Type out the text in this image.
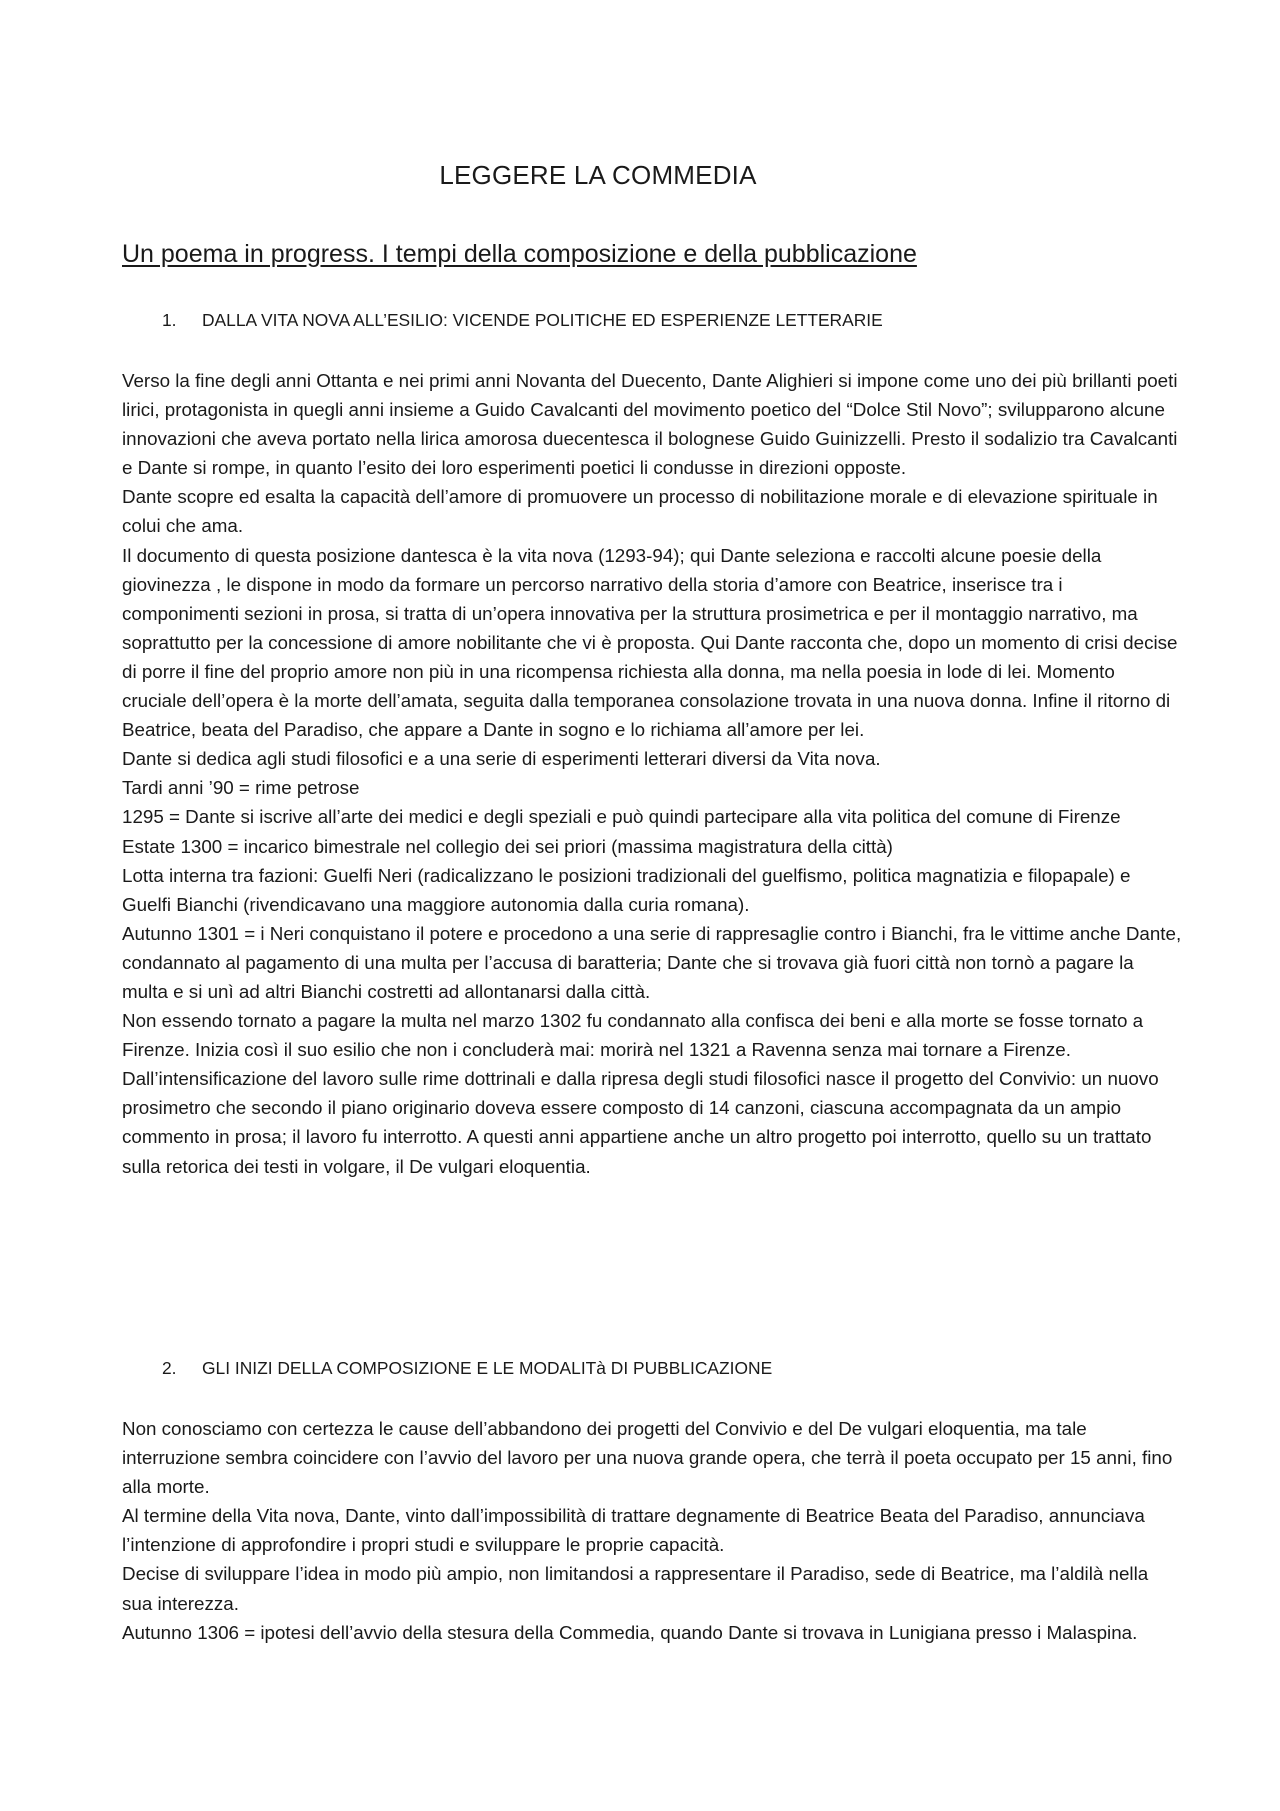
LEGGERE LA COMMEDIA
Un poema in progress. I tempi della composizione e della pubblicazione
1. DALLA VITA NOVA ALL’ESILIO: VICENDE POLITICHE ED ESPERIENZE LETTERARIE

Verso la fine degli anni Ottanta e nei primi anni Novanta del Duecento, Dante Alighieri si impone come uno dei più brillanti poeti lirici, protagonista in quegli anni insieme a Guido Cavalcanti del movimento poetico del “Dolce Stil Novo”; svilupparono alcune innovazioni che aveva portato nella lirica amorosa duecentesca il bolognese Guido Guinizzelli. Presto il sodalizio tra Cavalcanti e Dante si rompe, in quanto l’esito dei loro esperimenti poetici li condusse in direzioni opposte.

Dante scopre ed esalta la capacità dell’amore di promuovere un processo di nobilitazione morale e di elevazione spirituale in colui che ama.

Il documento di questa posizione dantesca è la vita nova (1293-94); qui Dante seleziona e raccolti alcune poesie della giovinezza , le dispone in modo da formare un percorso narrativo della storia d’amore con Beatrice, inserisce tra i componimenti sezioni in prosa, si tratta di un’opera innovativa per la struttura prosimetrica e per il montaggio narrativo, ma soprattutto per la concessione di amore nobilitante che vi è proposta. Qui Dante racconta che, dopo un momento di crisi decise di porre il fine del proprio amore non più in una ricompensa richiesta alla donna, ma nella poesia in lode di lei. Momento cruciale dell’opera è la morte dell’amata, seguita dalla temporanea consolazione trovata in una nuova donna. Infine il ritorno di Beatrice, beata del Paradiso, che appare a Dante in sogno e lo richiama all’amore per lei.

Dante si dedica agli studi filosofici e a una serie di esperimenti letterari diversi da Vita nova.

Tardi anni ’90 = rime petrose

1295 = Dante si iscrive all’arte dei medici e degli speziali e può quindi partecipare alla vita politica del comune di Firenze

Estate 1300 = incarico bimestrale nel collegio dei sei priori (massima magistratura della città)

Lotta interna tra fazioni: Guelfi Neri (radicalizzano le posizioni tradizionali del guelfismo, politica magnatizia e filopapale) e Guelfi Bianchi (rivendicavano una maggiore autonomia dalla curia romana).

Autunno 1301 = i Neri conquistano il potere e procedono a una serie di rappresaglie contro i Bianchi, fra le vittime anche Dante, condannato al pagamento di una multa per l’accusa di baratteria; Dante che si trovava già fuori città non tornò a pagare la multa e si unì ad altri Bianchi costretti ad allontanarsi dalla città.

Non essendo tornato a pagare la multa nel marzo 1302 fu condannato alla confisca dei beni e alla morte se fosse tornato a Firenze. Inizia così il suo esilio che non i concluderà mai: morirà nel 1321 a Ravenna senza mai tornare a Firenze.

Dall’intensificazione del lavoro sulle rime dottrinali e dalla ripresa degli studi filosofici nasce il progetto del Convivio: un nuovo prosimetro che secondo il piano originario doveva essere composto di 14 canzoni, ciascuna accompagnata da un ampio commento in prosa; il lavoro fu interrotto. A questi anni appartiene anche un altro progetto poi interrotto, quello su un trattato sulla retorica dei testi in volgare, il De vulgari eloquentia.

2. GLI INIZI DELLA COMPOSIZIONE E LE MODALITà DI PUBBLICAZIONE

Non conosciamo con certezza le cause dell’abbandono dei progetti del Convivio e del De vulgari eloquentia, ma tale interruzione sembra coincidere con l’avvio del lavoro per una nuova grande opera, che terrà il poeta occupato per 15 anni, fino alla morte.

Al termine della Vita nova, Dante, vinto dall’impossibilità di trattare degnamente di Beatrice Beata del Paradiso, annunciava l’intenzione di approfondire i propri studi e sviluppare le proprie capacità.

Decise di sviluppare l’idea in modo più ampio, non limitandosi a rappresentare il Paradiso, sede di Beatrice, ma l’aldilà nella sua interezza.

Autunno 1306 = ipotesi dell’avvio della stesura della Commedia, quando Dante si trovava in Lunigiana presso i Malaspina.
